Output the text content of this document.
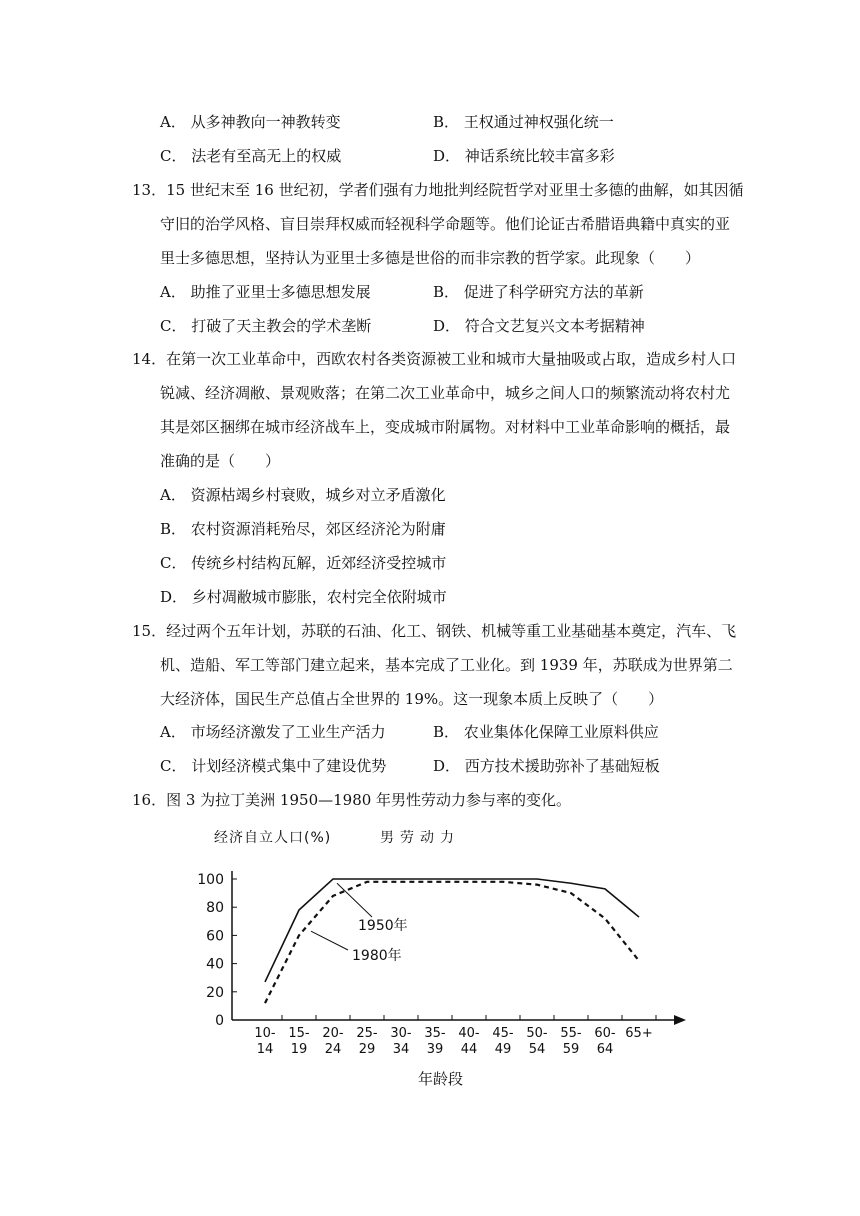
A． 从多神教向一神教转变	B． 王权通过神权强化统一
C． 法老有至高无上的权威	D． 神话系统比较丰富多彩
13．15 世纪末至 16 世纪初，学者们强有力地批判经院哲学对亚里士多德的曲解，如其因循
守旧的治学风格、盲目崇拜权威而轻视科学命题等。他们论证古希腊语典籍中真实的亚
里士多德思想，坚持认为亚里士多德是世俗的而非宗教的哲学家。此现象（　　）
A． 助推了亚里士多德思想发展	B． 促进了科学研究方法的革新
C． 打破了天主教会的学术垄断	D． 符合文艺复兴文本考据精神
14．在第一次工业革命中，西欧农村各类资源被工业和城市大量抽吸或占取，造成乡村人口
锐减、经济凋敝、景观败落；在第二次工业革命中，城乡之间人口的频繁流动将农村尤
其是郊区捆绑在城市经济战车上，变成城市附属物。对材料中工业革命影响的概括，最
准确的是（　　）
A． 资源枯竭乡村衰败，城乡对立矛盾激化
B． 农村资源消耗殆尽，郊区经济沦为附庸
C． 传统乡村结构瓦解，近郊经济受控城市
D． 乡村凋敝城市膨胀，农村完全依附城市
15．经过两个五年计划，苏联的石油、化工、钢铁、机械等重工业基础基本奠定，汽车、飞
机、造船、军工等部门建立起来，基本完成了工业化。到 1939 年，苏联成为世界第二
大经济体，国民生产总值占全世界的 19%。这一现象本质上反映了（　　）
A． 市场经济激发了工业生产活力	B． 农业集体化保障工业原料供应
C． 计划经济模式集中了建设优势	D． 西方技术援助弥补了基础短板
16．图 3 为拉丁美洲 1950—1980 年男性劳动力参与率的变化。
经济自立人口(%)	男劳动力
0
20
40
60
80
100
10-
14
15-
19
20-
24
25-
29
30-
34
35-
39
40-
44
45-
49
50-
54
55-
59
60-
64
65+
1950年
1980年
年龄段
